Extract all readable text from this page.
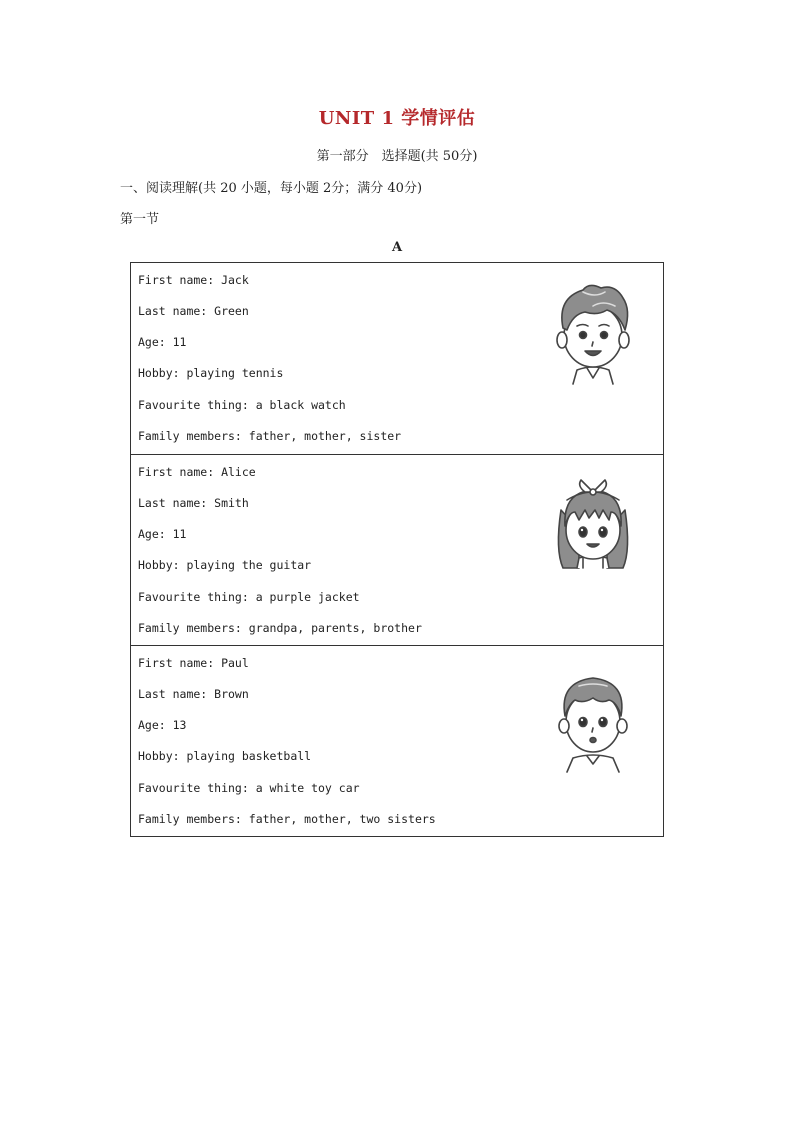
UNIT 1 学情评估
第一部分　选择题(共 50分)
一、阅读理解(共 20 小题，每小题 2分；满分 40分)
第一节
A
First name: Jack
Last name: Green
Age: 11
Hobby: playing tennis
Favourite thing: a black watch
Family members: father, mother, sister
First name: Alice
Last name: Smith
Age: 11
Hobby: playing the guitar
Favourite thing: a purple jacket
Family members: grandpa, parents, brother
First name: Paul
Last name: Brown
Age: 13
Hobby: playing basketball
Favourite thing: a white toy car
Family members: father, mother, two sisters
